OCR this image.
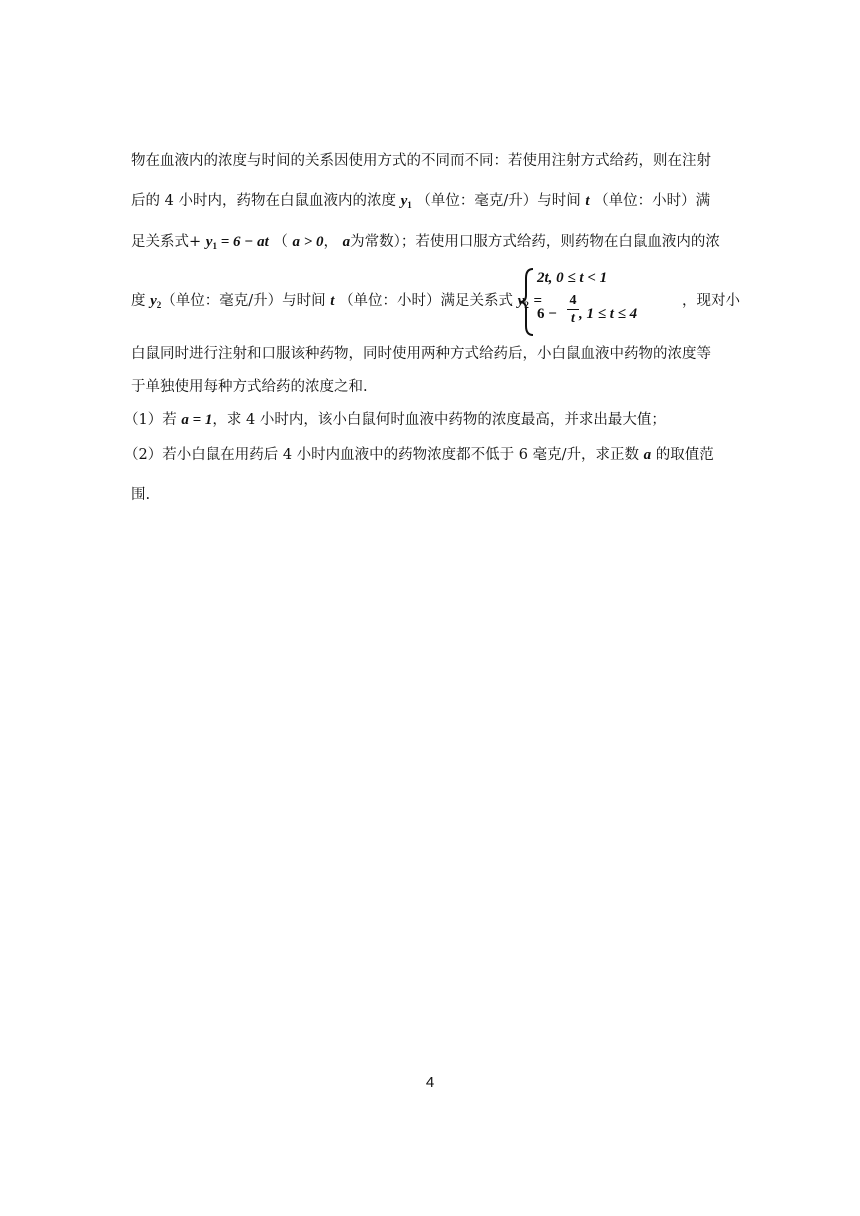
物在血液内的浓度与时间的关系因使用方式的不同而不同：若使用注射方式给药，则在注射
后的 4 小时内，药物在白鼠血液内的浓度 $y_1$ （单位：毫克/升）与时间 t （单位：小时）满
足关系式+ $y_1 = 6$ − at （ a > 0， a为常数）；若使用口服方式给药，则药物在白鼠血液内的浓
度 $y_2$（单位：毫克/升）与时间 t （单位：小时）满足关系式 $y_2$ =
2t, 0 ≤ t < 1
$6 - \frac{4}{t}$ , 1 ≤ t ≤ 4
，现对小
白鼠同时进行注射和口服该种药物，同时使用两种方式给药后，小白鼠血液中药物的浓度等
于单独使用每种方式给药的浓度之和.
（1）若 a = 1，求 4 小时内，该小白鼠何时血液中药物的浓度最高，并求出最大值；
（2）若小白鼠在用药后 4 小时内血液中的药物浓度都不低于 6 毫克/升，求正数 a 的取值范
围.
4
